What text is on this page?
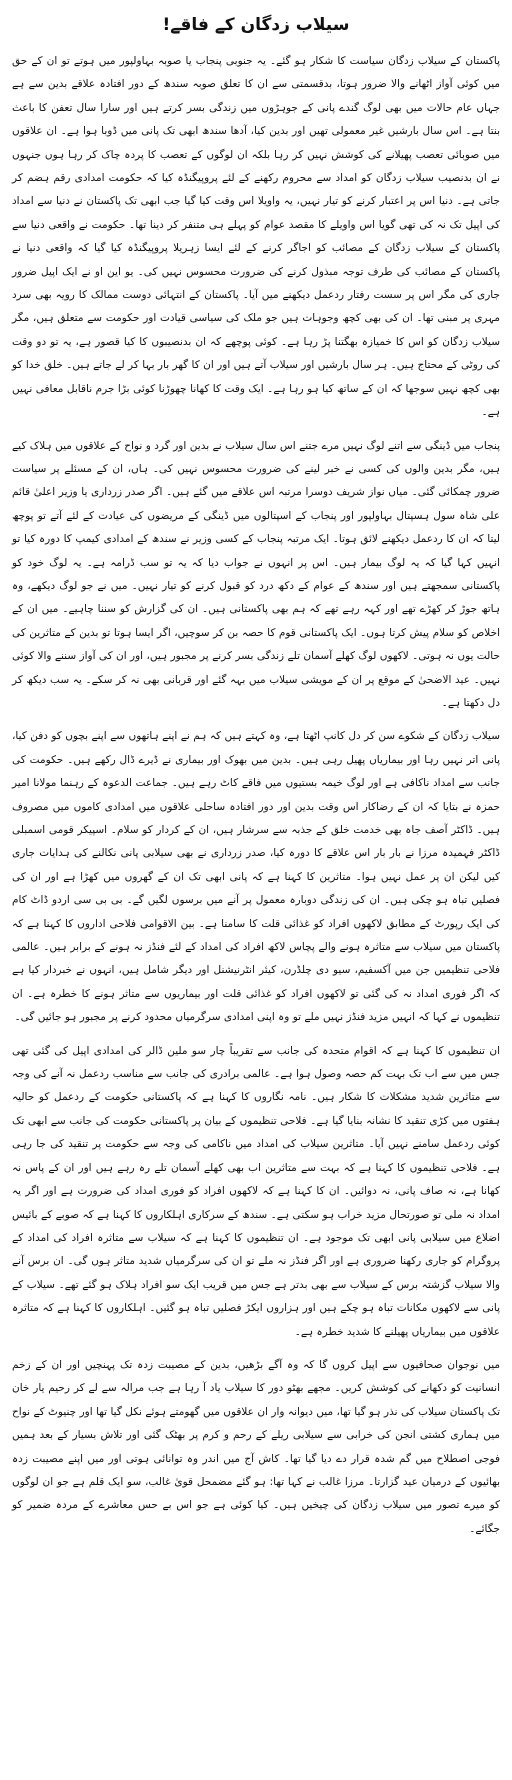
سیلاب زدگان کے فاقے!

پاکستان کے سیلاب زدگان سیاست کا شکار ہو گئے۔ یہ جنوبی پنجاب یا صوبہ بہاولپور میں ہوتے تو ان کے حق میں کوئی آواز اٹھانے والا ضرور ہوتا، بدقسمتی سے ان کا تعلق صوبہ سندھ کے دور افتادہ علاقے بدین سے ہے جہاں عام حالات میں بھی لوگ گندے پانی کے جوہڑوں میں زندگی بسر کرتے ہیں اور سارا سال تعفن کا باعث بنتا ہے۔ اس سال بارشیں غیر معمولی تھیں اور بدین کیا، آدھا سندھ ابھی تک پانی میں ڈوبا ہوا ہے۔ ان علاقوں میں صوبائی تعصب پھیلانے کی کوشش نہیں کر رہا بلکہ ان لوگوں کے تعصب کا پردہ چاک کر رہا ہوں جنہوں نے ان بدنصیب سیلاب زدگان کو امداد سے محروم رکھنے کے لئے پروپیگنڈہ کیا کہ حکومت امدادی رقم ہضم کر جاتی ہے۔ دنیا اس پر اعتبار کرنے کو تیار نہیں، یہ واویلا اس وقت کیا گیا جب ابھی تک پاکستان نے دنیا سے امداد کی اپیل تک نہ کی تھی گویا اس واویلے کا مقصد عوام کو پہلے ہی متنفر کر دینا تھا۔ حکومت نے واقعی دنیا سے پاکستان کے سیلاب زدگان کے مصائب کو اجاگر کرنے کے لئے ایسا زہریلا پروپیگنڈہ کیا گیا کہ واقعی دنیا نے پاکستان کے مصائب کی طرف توجہ مبذول کرنے کی ضرورت محسوس نہیں کی۔ یو این او نے ایک اپیل ضرور جاری کی مگر اس پر سست رفتار ردعمل دیکھنے میں آیا۔ پاکستان کے انتہائی دوست ممالک کا رویہ بھی سرد مہری پر مبنی تھا۔ ان کی بھی کچھ وجوہات ہیں جو ملک کی سیاسی قیادت اور حکومت سے متعلق ہیں، مگر سیلاب زدگان کو اس کا خمیازہ بھگتنا پڑ رہا ہے۔ کوئی پوچھے کہ ان بدنصیبوں کا کیا قصور ہے، یہ تو دو وقت کی روٹی کے محتاج ہیں۔ ہر سال بارشیں اور سیلاب آتے ہیں اور ان کا گھر بار بہا کر لے جاتے ہیں۔ خلق خدا کو بھی کچھ نہیں سوجھا کہ ان کے ساتھ کیا ہو رہا ہے۔ ایک وقت کا کھانا چھوڑنا کوئی بڑا جرم ناقابل معافی نہیں ہے۔

پنجاب میں ڈینگی سے اتنے لوگ نہیں مرے جتنے اس سال سیلاب نے بدین اور گرد و نواح کے علاقوں میں ہلاک کیے ہیں، مگر بدین والوں کی کسی نے خبر لینے کی ضرورت محسوس نہیں کی۔ ہاں، ان کے مسئلے پر سیاست ضرور چمکائی گئی۔ میاں نواز شریف دوسرا مرتبہ اس علاقے میں گئے ہیں۔ اگر صدر زرداری یا وزیر اعلیٰ قائم علی شاہ سول ہسپتال بہاولپور اور پنجاب کے اسپتالوں میں ڈینگی کے مریضوں کی عیادت کے لئے آتے تو پوچھ لیتا کہ ان کا ردعمل دیکھنے لائق ہوتا۔ ایک مرتبہ پنجاب کے کسی وزیر نے سندھ کے امدادی کیمپ کا دورہ کیا تو انہیں کہا گیا کہ یہ لوگ بیمار ہیں۔ اس پر انہوں نے جواب دیا کہ یہ تو سب ڈرامہ ہے۔ یہ لوگ خود کو پاکستانی سمجھتے ہیں اور سندھ کے عوام کے دکھ درد کو قبول کرنے کو تیار نہیں۔ میں نے جو لوگ دیکھے، وہ ہاتھ جوڑ کر کھڑے تھے اور کہہ رہے تھے کہ ہم بھی پاکستانی ہیں۔ ان کی گزارش کو سننا چاہیے۔ میں ان کے اخلاص کو سلام پیش کرتا ہوں۔ ایک پاکستانی قوم کا حصہ بن کر سوچیں، اگر ایسا ہوتا تو بدین کے متاثرین کی حالت یوں نہ ہوتی۔ لاکھوں لوگ کھلے آسمان تلے زندگی بسر کرنے پر مجبور ہیں، اور ان کی آواز سننے والا کوئی نہیں۔ عید الاضحیٰ کے موقع پر ان کے مویشی سیلاب میں بہہ گئے اور قربانی بھی نہ کر سکے۔ یہ سب دیکھ کر دل دکھتا ہے۔

سیلاب زدگان کے شکوے سن کر دل کانپ اٹھتا ہے، وہ کہتے ہیں کہ ہم نے اپنے ہاتھوں سے اپنے بچوں کو دفن کیا، پانی اتر نہیں رہا اور بیماریاں پھیل رہی ہیں۔ بدین میں بھوک اور بیماری نے ڈیرے ڈال رکھے ہیں۔ حکومت کی جانب سے امداد ناکافی ہے اور لوگ خیمہ بستیوں میں فاقے کاٹ رہے ہیں۔ جماعت الدعوہ کے رہنما مولانا امیر حمزہ نے بتایا کہ ان کے رضاکار اس وقت بدین اور دور افتادہ ساحلی علاقوں میں امدادی کاموں میں مصروف ہیں۔ ڈاکٹر آصف جاہ بھی خدمت خلق کے جذبہ سے سرشار ہیں، ان کے کردار کو سلام۔ اسپیکر قومی اسمبلی ڈاکٹر فہمیدہ مرزا نے بار بار اس علاقے کا دورہ کیا، صدر زرداری نے بھی سیلابی پانی نکالنے کی ہدایات جاری کیں لیکن ان پر عمل نہیں ہوا۔ متاثرین کا کہنا ہے کہ پانی ابھی تک ان کے گھروں میں کھڑا ہے اور ان کی فصلیں تباہ ہو چکی ہیں۔ ان کی زندگی دوبارہ معمول پر آنے میں برسوں لگیں گے۔ بی بی سی اردو ڈاٹ کام کی ایک رپورٹ کے مطابق لاکھوں افراد کو غذائی قلت کا سامنا ہے۔ بین الاقوامی فلاحی اداروں کا کہنا ہے کہ پاکستان میں سیلاب سے متاثرہ ہونے والے پچاس لاکھ افراد کی امداد کے لئے فنڈز نہ ہونے کے برابر ہیں۔ عالمی فلاحی تنظیمیں جن میں آکسفیم، سیو دی چلڈرن، کیئر انٹرنیشنل اور دیگر شامل ہیں، انہوں نے خبردار کیا ہے کہ اگر فوری امداد نہ کی گئی تو لاکھوں افراد کو غذائی قلت اور بیماریوں سے متاثر ہونے کا خطرہ ہے۔ ان تنظیموں نے کہا کہ انہیں مزید فنڈز نہیں ملے تو وہ اپنی امدادی سرگرمیاں محدود کرنے پر مجبور ہو جائیں گی۔

ان تنظیموں کا کہنا ہے کہ اقوام متحدہ کی جانب سے تقریباً چار سو ملین ڈالر کی امدادی اپیل کی گئی تھی جس میں سے اب تک بہت کم حصہ وصول ہوا ہے۔ عالمی برادری کی جانب سے مناسب ردعمل نہ آنے کی وجہ سے متاثرین شدید مشکلات کا شکار ہیں۔ نامہ نگاروں کا کہنا ہے کہ پاکستانی حکومت کے ردعمل کو حالیہ ہفتوں میں کڑی تنقید کا نشانہ بنایا گیا ہے۔ فلاحی تنظیموں کے بیان پر پاکستانی حکومت کی جانب سے ابھی تک کوئی ردعمل سامنے نہیں آیا۔ متاثرین سیلاب کی امداد میں ناکامی کی وجہ سے حکومت پر تنقید کی جا رہی ہے۔ فلاحی تنظیموں کا کہنا ہے کہ بہت سے متاثرین اب بھی کھلے آسمان تلے رہ رہے ہیں اور ان کے پاس نہ کھانا ہے، نہ صاف پانی، نہ دوائیں۔ ان کا کہنا ہے کہ لاکھوں افراد کو فوری امداد کی ضرورت ہے اور اگر یہ امداد نہ ملی تو صورتحال مزید خراب ہو سکتی ہے۔ سندھ کے سرکاری اہلکاروں کا کہنا ہے کہ صوبے کے بائیس اضلاع میں سیلابی پانی ابھی تک موجود ہے۔ ان تنظیموں کا کہنا ہے کہ سیلاب سے متاثرہ افراد کی امداد کے پروگرام کو جاری رکھنا ضروری ہے اور اگر فنڈز نہ ملے تو ان کی سرگرمیاں شدید متاثر ہوں گی۔ ان برس آنے والا سیلاب گزشتہ برس کے سیلاب سے بھی بدتر ہے جس میں قریب ایک سو افراد ہلاک ہو گئے تھے۔ سیلاب کے پانی سے لاکھوں مکانات تباہ ہو چکے ہیں اور ہزاروں ایکڑ فصلیں تباہ ہو گئیں۔ اہلکاروں کا کہنا ہے کہ متاثرہ علاقوں میں بیماریاں پھیلنے کا شدید خطرہ ہے۔

میں نوجوان صحافیوں سے اپیل کروں گا کہ وہ آگے بڑھیں، بدین کے مصیبت زدہ تک پہنچیں اور ان کے زخم انسانیت کو دکھانے کی کوشش کریں۔ مجھے بھٹو دور کا سیلاب یاد آ رہا ہے جب مرالہ سے لے کر رحیم یار خان تک پاکستان سیلاب کی نذر ہو گیا تھا، میں دیوانہ وار ان علاقوں میں گھومتے ہوئے نکل گیا تھا اور چنیوٹ کے نواح میں ہماری کشتی انجن کی خرابی سے سیلابی ریلے کے رحم و کرم پر بھٹک گئی اور تلاش بسیار کے بعد ہمیں فوجی اصطلاح میں گم شدہ قرار دے دیا گیا تھا۔ کاش آج میں اندر وہ توانائی ہوتی اور میں اپنے مصیبت زدہ بھائیوں کے درمیان عید گزارتا۔ مرزا غالب نے کہا تھا: ہو گئے مضمحل قویٰ غالب، سو ایک قلم ہے جو ان لوگوں کو میرے تصور میں سیلاب زدگان کی چیخیں ہیں۔ کیا کوئی ہے جو اس بے حس معاشرے کے مردہ ضمیر کو جگائے۔
